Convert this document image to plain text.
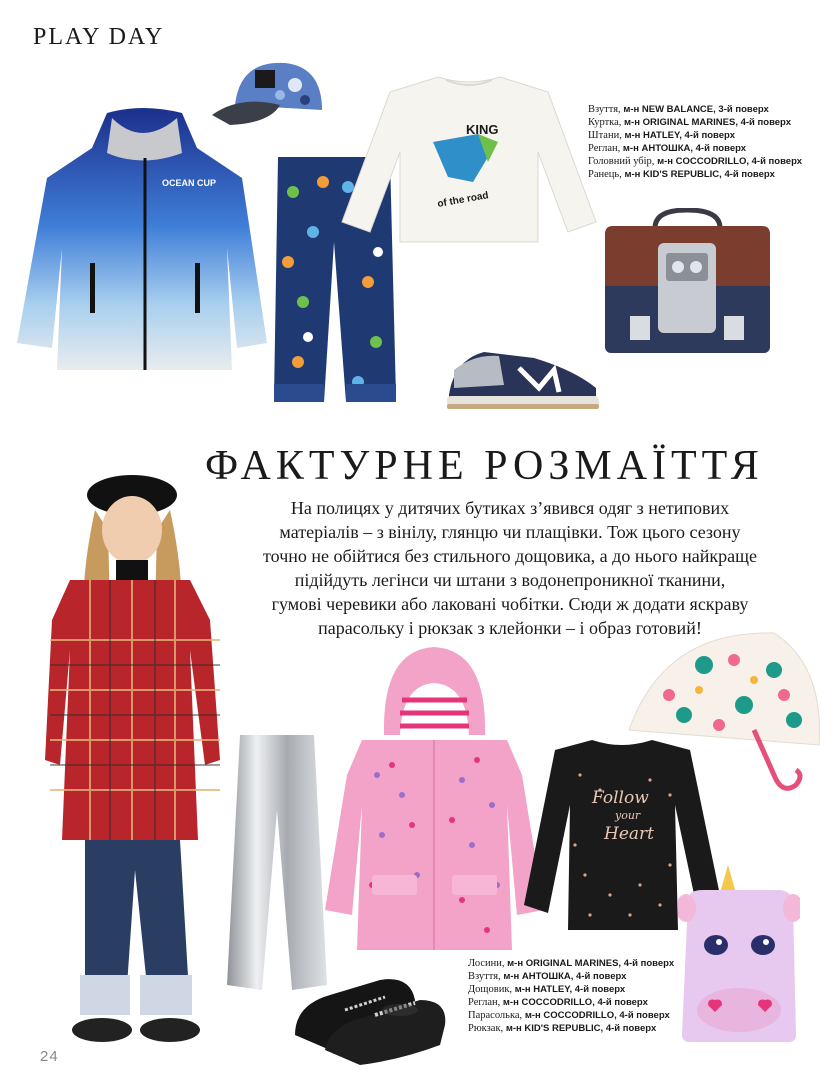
PLAY DAY
OCEAN CUP
KING
of the road
Взуття, м-н NEW BALANCE, 3-й поверх
Куртка, м-н ORIGINAL MARINES, 4-й поверх
Штани, м-н HATLEY, 4-й поверх
Реглан, м-н АНТОШКА, 4-й поверх
Головний убір, м-н COCCODRILLO, 4-й поверх
Ранець, м-н KID'S REPUBLIC, 4-й поверх
ФАКТУРНЕ РОЗМАЇТТЯ
На полицях у дитячих бутиках з’явився одяг з нетипових
матеріалів – з вінілу, глянцю чи плащівки. Тож цього сезону
точно не обійтися без стильного дощовика, а до нього найкраще
підійдуть легінси чи штани з водонепроникної тканини,
гумові черевики або лаковані чобітки. Сюди ж додати яскраву
парасольку і рюкзак з клейонки – і образ готовий!
Follow
your
Heart
Лосини, м-н ORIGINAL MARINES, 4-й поверх
Взуття, м-н АНТОШКА, 4-й поверх
Дощовик, м-н HATLEY, 4-й поверх
Реглан, м-н COCCODRILLO, 4-й поверх
Парасолька, м-н COCCODRILLO, 4-й поверх
Рюкзак, м-н KID'S REPUBLIC, 4-й поверх
24
